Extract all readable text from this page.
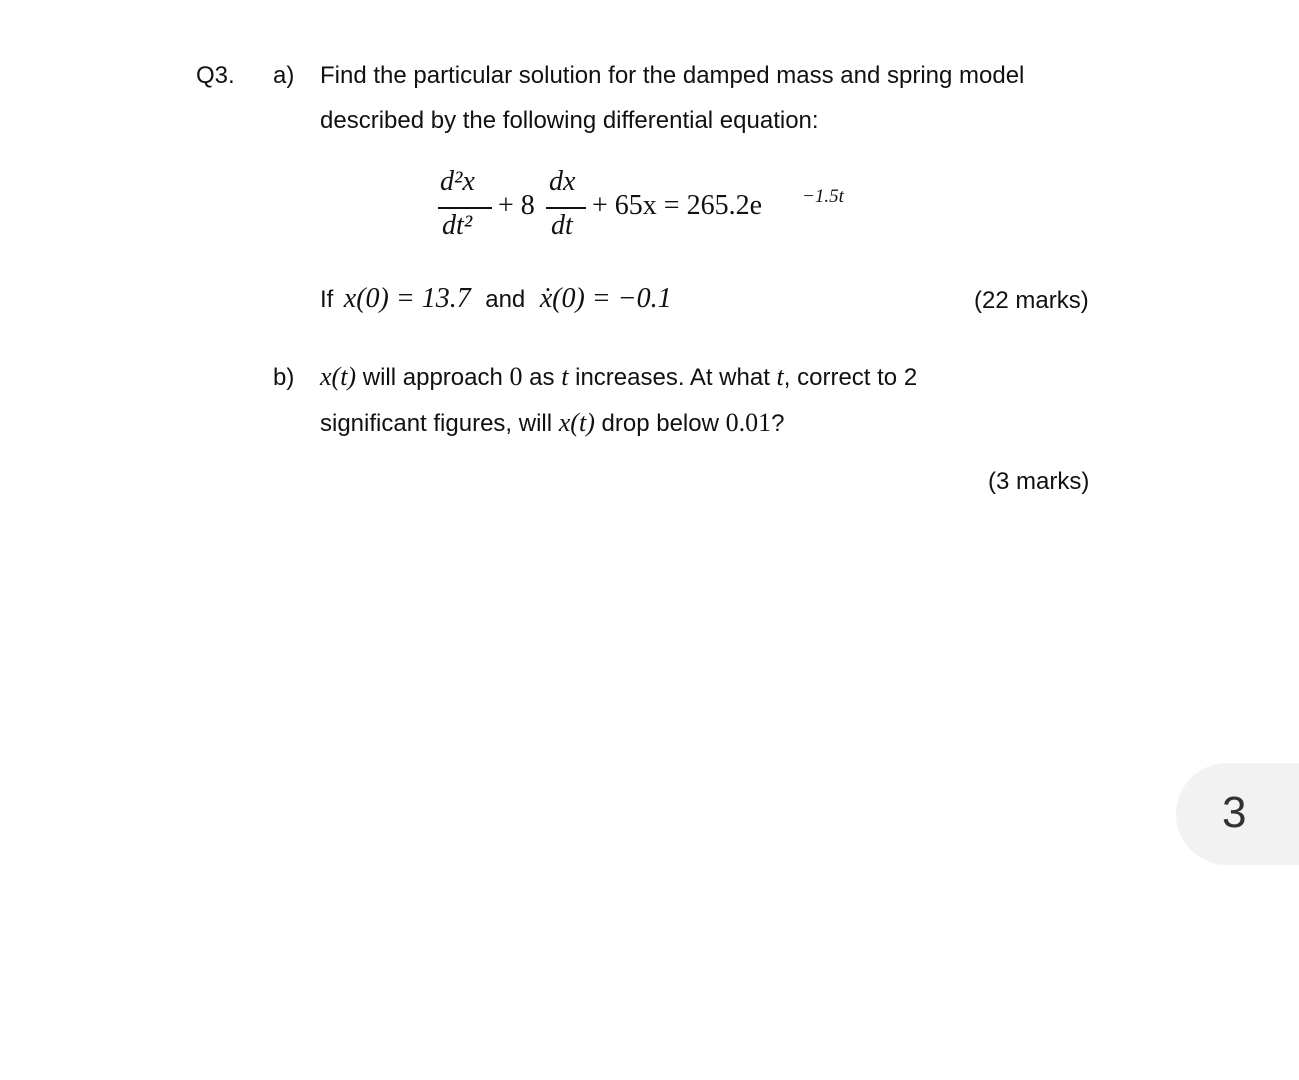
Q3. a) Find the particular solution for the damped mass and spring model
described by the following differential equation:
d²x
dt²
+ 8
dx
dt
+ 65x = 265.2e −1.5t
If x(0) = 13.7 and ẋ(0) = −0.1	(22 marks)
b) x(t) will approach 0 as t increases. At what t, correct to 2
significant figures, will x(t) drop below 0.01?
(3 marks)
3
